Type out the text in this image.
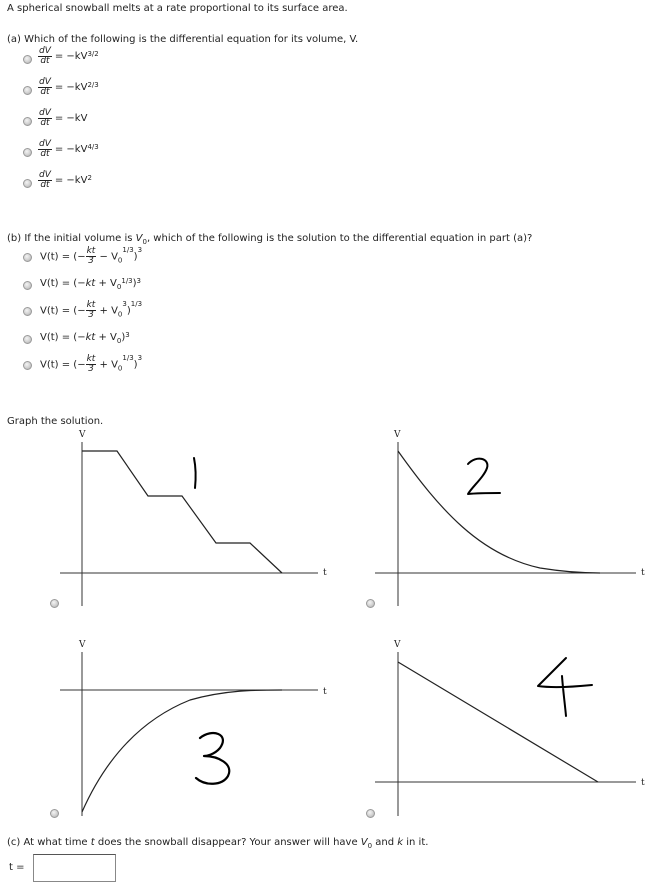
A spherical snowball melts at a rate proportional to its surface area.
(a) Which of the following is the differential equation for its volume, V.
$\frac{dV}{dt} = -kV^{3/2}$
$\frac{dV}{dt} = -kV^{2/3}$
$\frac{dV}{dt} = -kV$
$\frac{dV}{dt} = -kV^{4/3}$
$\frac{dV}{dt} = -kV^2$
(b) If the initial volume is $V_0$, which of the following is the solution to the differential equation in part (a)?
V(t) = (− $\frac{kt}{3} - V_0^{1/3})^3$
$V(t) = (-kt + V_0^{1/3})^3$
V(t) = (− $\frac{kt}{3} + V_0^3)^{1/3}$
$V(t) = (-kt + V_0)^3$
V(t) = (− $\frac{kt}{3} + V_0^{1/3})^3$
Graph the solution.
V
t
V
t
V
t
V
t
(c) At what time t does the snowball disappear? Your answer will have $V_0$ and k in it.
t =
